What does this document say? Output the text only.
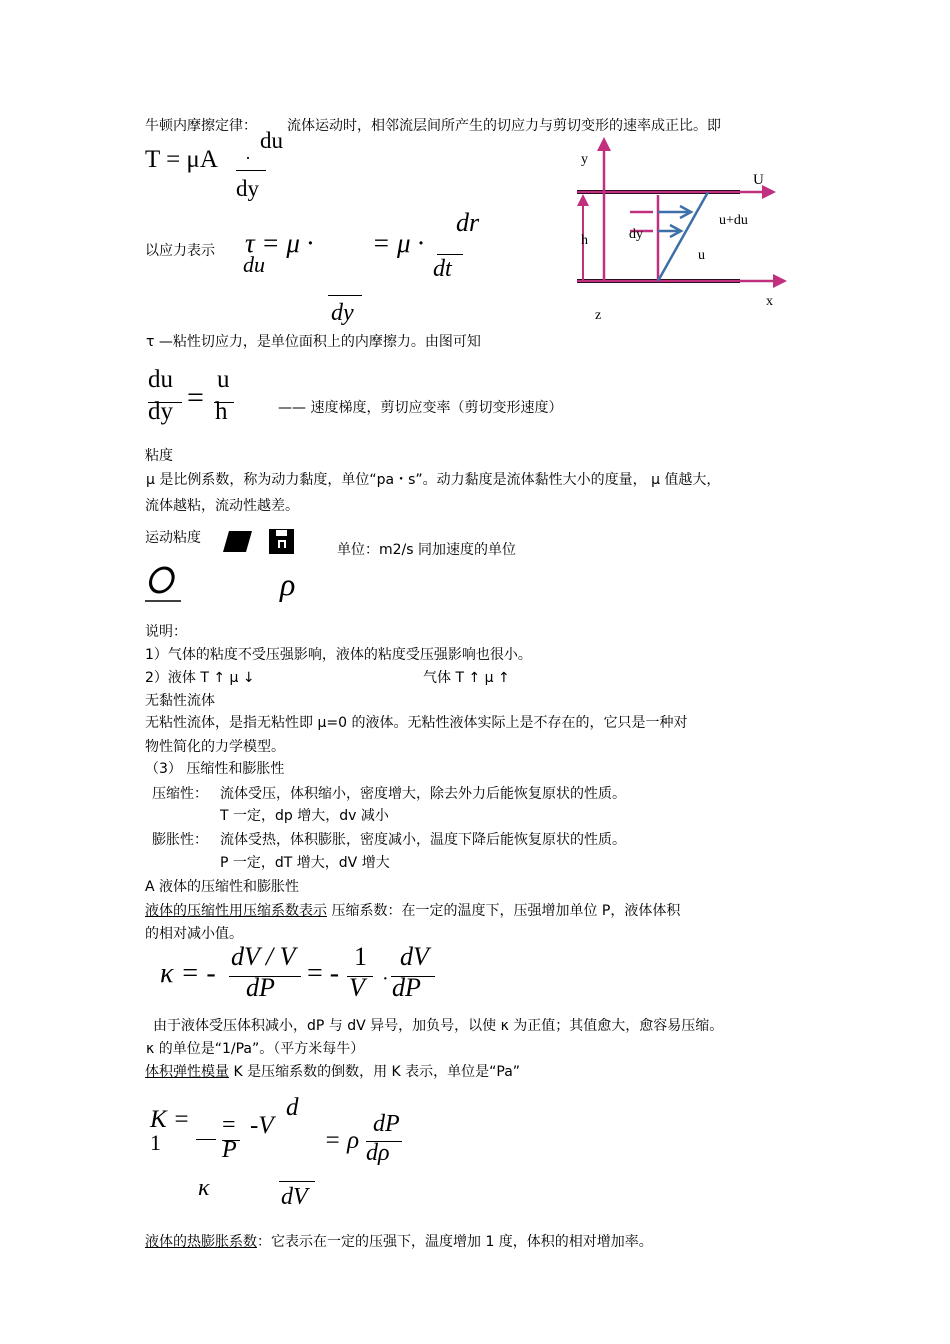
牛顿内摩擦定律： 流体运动时，相邻流层间所产生的切应力与剪切变形的速率成正比。即
T = μA ·
du
dy
以应力表示 τ = μ ·
du
dy
= μ ·
dr
dt
y
U
h	dy
u+du
u
x
z
τ —粘性切应力，是单位面积上的内摩擦力。由图可知
du
dy =
u
h	—— 速度梯度，剪切应变率（剪切变形速度）
粘度
μ 是比例系数，称为动力黏度，单位“pa・s”。动力黏度是流体黏性大小的度量， μ 值越大，
流体越粘，流动性越差。
运动粘度
单位：m2/s 同加速度的单位
ρ
说明：
1）气体的粘度不受压强影响，液体的粘度受压强影响也很小。
2）液体 T ↑ μ ↓	气体 T ↑ μ ↑
无黏性流体
无粘性流体，是指无粘性即 μ=0 的液体。无粘性液体实际上是不存在的，它只是一种对
物性简化的力学模型。
（3） 压缩性和膨胀性
压缩性： 流体受压，体积缩小，密度增大，除去外力后能恢复原状的性质。
T 一定，dp 增大，dv 减小
膨胀性： 流体受热，体积膨胀，密度减小，温度下降后能恢复原状的性质。
P 一定，dT 增大，dV 增大
A 液体的压缩性和膨胀性
液体的压缩性用压缩系数表示 压缩系数：在一定的温度下，压强增加单位 P，液体体积
的相对减小值。
κ = -
dV / V
dP = -
1
V ·
dV
dP
由于液体受压体积减小，dP 与 dV 异号，加负号，以使 κ 为正值；其值愈大，愈容易压缩。
κ 的单位是“1/Pa”。（平方米每牛）
体积弹性模量 K 是压缩系数的倒数，用 K 表示，单位是“Pa”
K =
1
κ
=
P
-V
d
dV
= ρ
dP
dρ
液体的热膨胀系数：它表示在一定的压强下，温度增加 1 度，体积的相对增加率。
